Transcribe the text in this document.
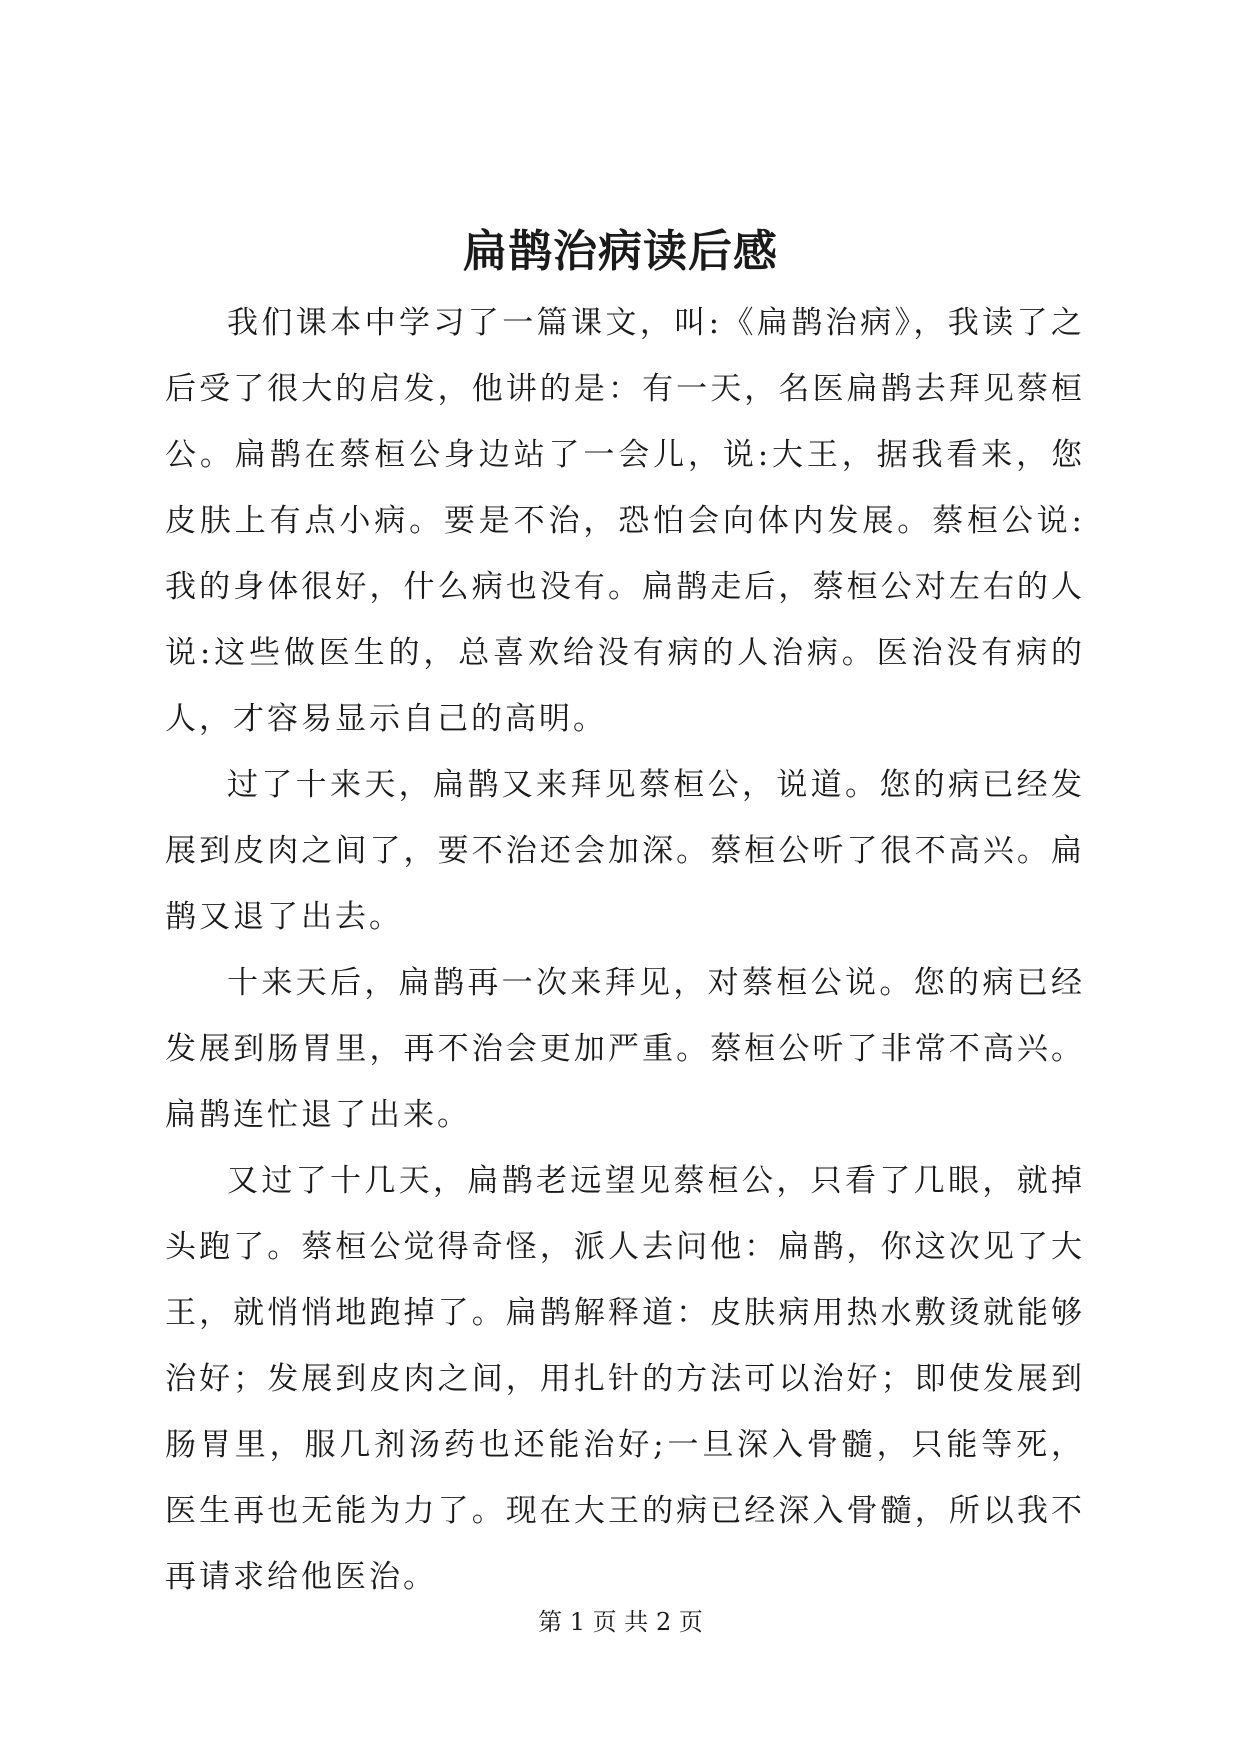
扁鹊治病读后感

我们课本中学习了一篇课文，叫:《扁鹊治病》，我读了之后受了很大的启发，他讲的是：有一天，名医扁鹊去拜见蔡桓公。扁鹊在蔡桓公身边站了一会儿，说:大王，据我看来，您皮肤上有点小病。要是不治，恐怕会向体内发展。蔡桓公说:我的身体很好，什么病也没有。扁鹊走后，蔡桓公对左右的人说:这些做医生的，总喜欢给没有病的人治病。医治没有病的人，才容易显示自己的高明。

过了十来天，扁鹊又来拜见蔡桓公，说道。您的病已经发展到皮肉之间了，要不治还会加深。蔡桓公听了很不高兴。扁鹊又退了出去。

十来天后，扁鹊再一次来拜见，对蔡桓公说。您的病已经发展到肠胃里，再不治会更加严重。蔡桓公听了非常不高兴。扁鹊连忙退了出来。

又过了十几天，扁鹊老远望见蔡桓公，只看了几眼，就掉头跑了。蔡桓公觉得奇怪，派人去问他：扁鹊，你这次见了大王，就悄悄地跑掉了。扁鹊解释道：皮肤病用热水敷烫就能够治好；发展到皮肉之间，用扎针的方法可以治好；即使发展到肠胃里，服几剂汤药也还能治好;一旦深入骨髓，只能等死，医生再也无能为力了。现在大王的病已经深入骨髓，所以我不再请求给他医治。

第 1 页 共 2 页
